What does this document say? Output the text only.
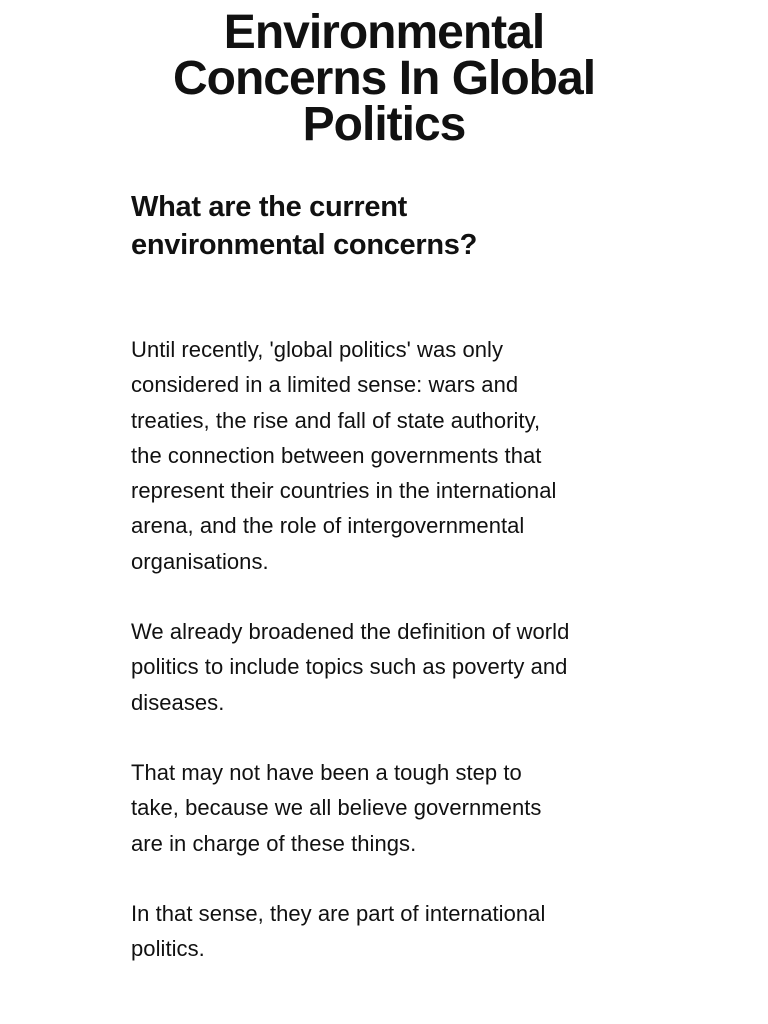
Environmental
Concerns In Global
Politics
What are the current
environmental concerns?

Until recently, 'global politics' was only
considered in a limited sense: wars and
treaties, the rise and fall of state authority,
the connection between governments that
represent their countries in the international
arena, and the role of intergovernmental
organisations.

We already broadened the definition of world
politics to include topics such as poverty and
diseases.

That may not have been a tough step to
take, because we all believe governments
are in charge of these things.

In that sense, they are part of international
politics.
